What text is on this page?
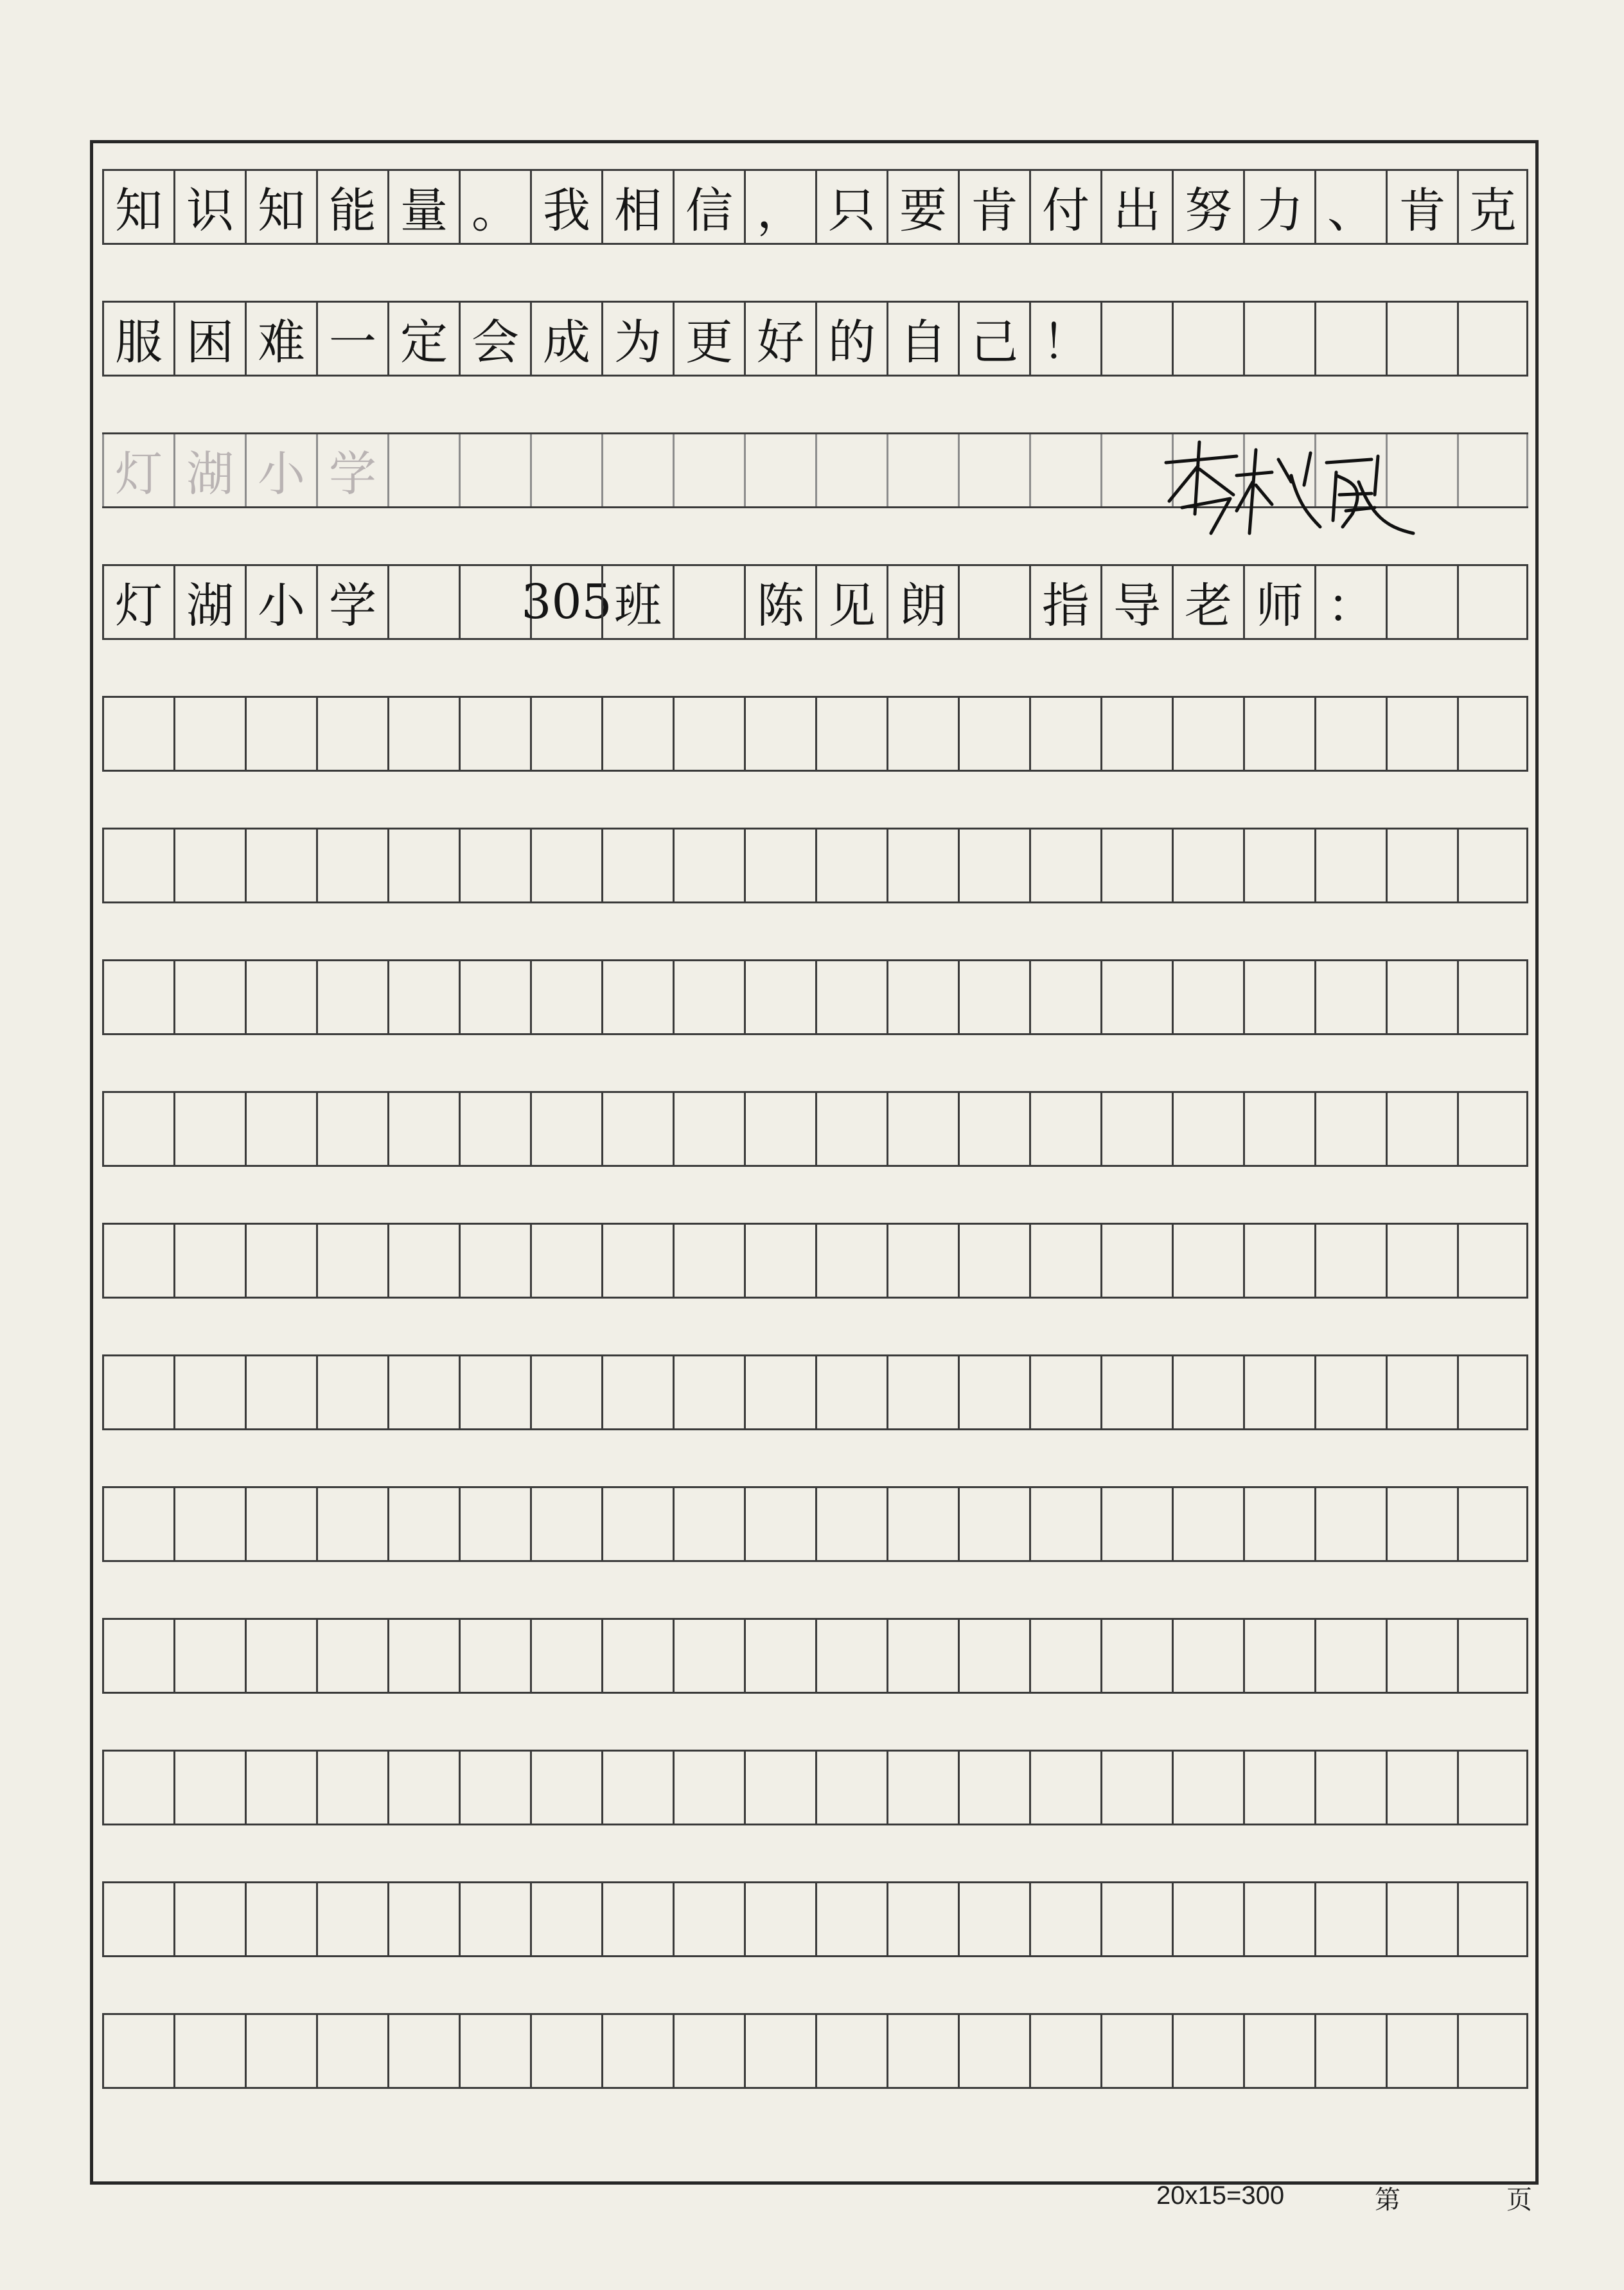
知 识 知 能 量 。 我 相 信 ， 只 要 肯 付 出 努 力 、 肯 克
服 困 难 一 定 会 成 为 更 好 的 自 己 ！
灯 湖 小 学
灯 湖 小 学	305 班 陈 见 朗 指 导 老 师 ：
20x15=300	第	页
